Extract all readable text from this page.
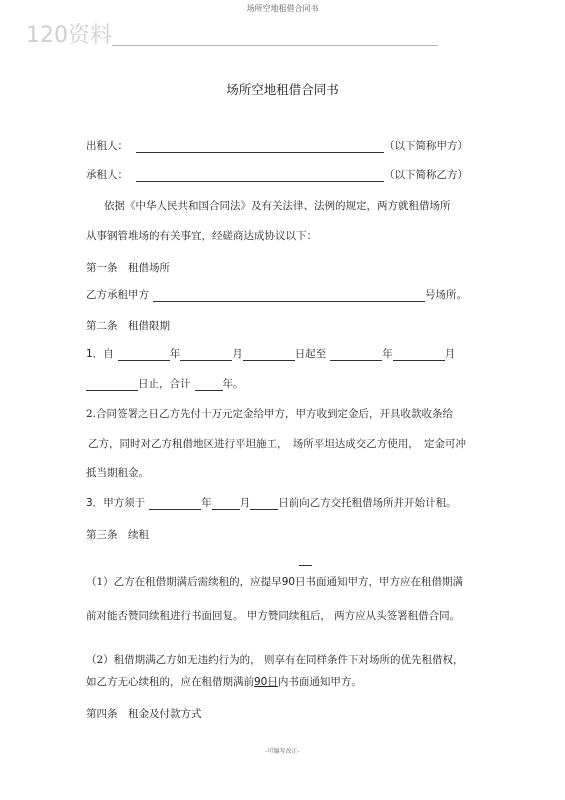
场所空地租借合同书
120资料
场所空地租借合同书
出租人：	（以下简称甲方）
承租人：	（以下简称乙方）
依据《中华人民共和国合同法》及有关法律、法例的规定，两方就租借场所
从事钢管堆场的有关事宜，经磋商达成协议以下：
第一条　租借场所
乙方承租甲方	号场所。
第二条　租借限期
1．自	年	月	日起至	年	月
日止，合计	年。
2.合同签署之日乙方先付十万元定金给甲方，甲方收到定金后，开具收款收条给
乙方，同时对乙方租借地区进行平坦施工，　场所平坦达成交乙方使用，　定金可冲
抵当期租金。
3．甲方须于	年	月	日前向乙方交托租借场所并开始计租。
第三条　续租
（1）乙方在租借期满后需续租的，应提早90日书面通知甲方，甲方应在租借期满
前对能否赞同续租进行书面回复。 甲方赞同续租后， 两方应从头签署租借合同。
（2）租借期满乙方如无违约行为的， 则享有在同样条件下对场所的优先租借权，
如乙方无心续租的，应在租借期满前90日内书面通知甲方。
第四条　租金及付款方式
-可编写改正-
